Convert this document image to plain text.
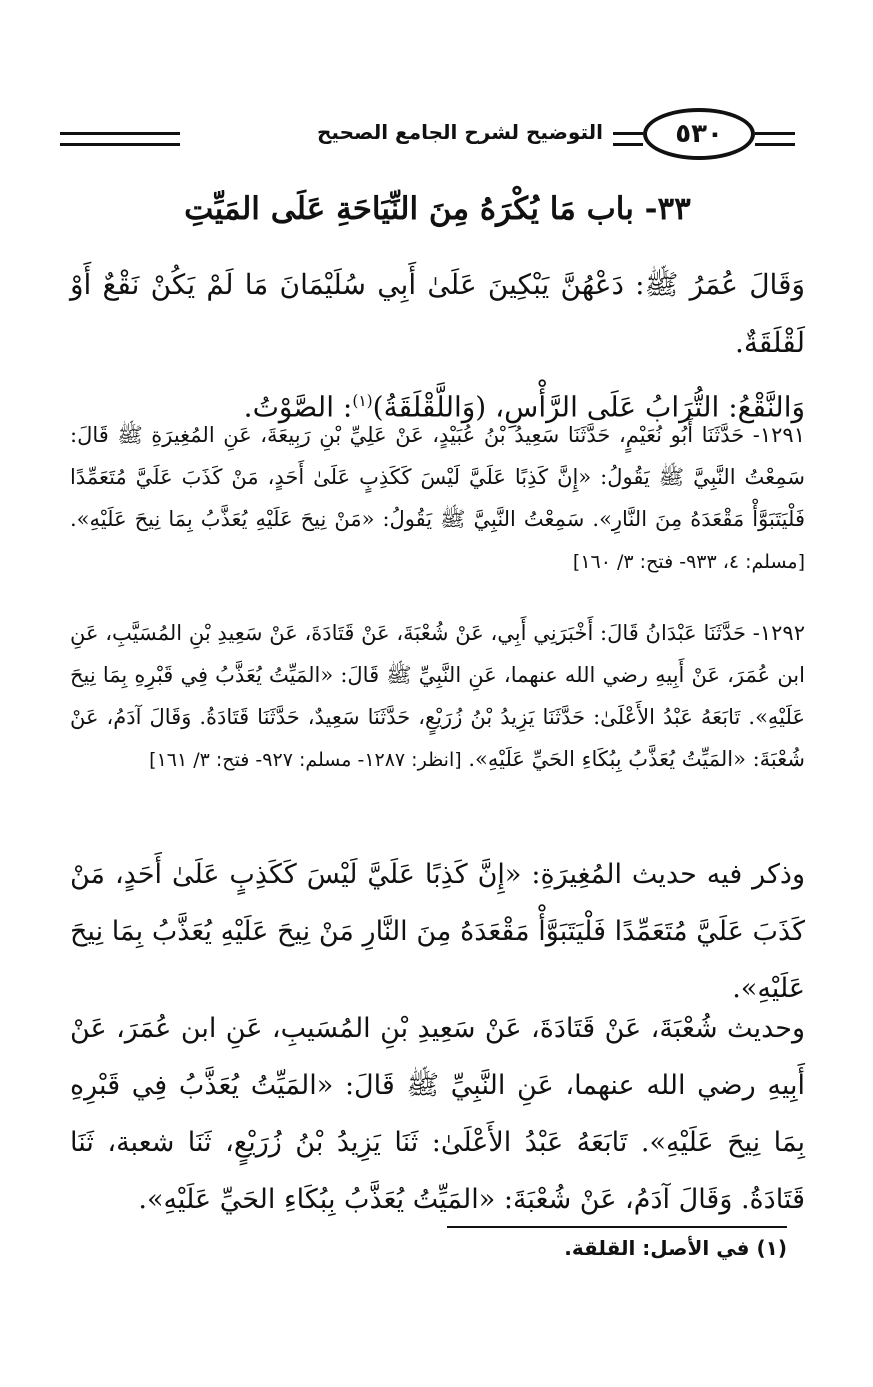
٥٣٠
التوضيح لشرح الجامع الصحيح
٣٣- باب مَا يُكْرَهُ مِنَ النِّيَاحَةِ عَلَى المَيِّتِ

وَقَالَ عُمَرُ ﷺ: دَعْهُنَّ يَبْكِينَ عَلَىٰ أَبِي سُلَيْمَانَ مَا لَمْ يَكُنْ نَقْعٌ أَوْ لَقْلَقَةٌ.

وَالنَّقْعُ: التُّرَابُ عَلَى الرَّأْسِ، (وَاللَّقْلَقَةُ)$^{(١)}$: الصَّوْتُ.

١٢٩١- حَدَّثَنَا أَبُو نُعَيْمٍ، حَدَّثَنَا سَعِيدُ بْنُ عُبَيْدٍ، عَنْ عَلِيِّ بْنِ رَبِيعَةَ، عَنِ المُغِيرَةِ ﷺ قَالَ: سَمِعْتُ النَّبِيَّ ﷺ يَقُولُ: «إِنَّ كَذِبًا عَلَيَّ لَيْسَ كَكَذِبٍ عَلَىٰ أَحَدٍ، مَنْ كَذَبَ عَلَيَّ مُتَعَمِّدًا فَلْيَتَبَوَّأْ مَقْعَدَهُ مِنَ النَّارِ». سَمِعْتُ النَّبِيَّ ﷺ يَقُولُ: «مَنْ نِيحَ عَلَيْهِ يُعَذَّبُ بِمَا نِيحَ عَلَيْهِ». [مسلم: ٤، ٩٣٣- فتح: ٣/ ١٦٠]

١٢٩٢- حَدَّثَنَا عَبْدَانُ قَالَ: أَخْبَرَنِي أَبِي، عَنْ شُعْبَةَ، عَنْ قَتَادَةَ، عَنْ سَعِيدِ بْنِ المُسَيَّبِ، عَنِ ابن عُمَرَ، عَنْ أَبِيهِ رضي الله عنهما، عَنِ النَّبِيِّ ﷺ قَالَ: «المَيِّتُ يُعَذَّبُ فِي قَبْرِهِ بِمَا نِيحَ عَلَيْهِ». تَابَعَهُ عَبْدُ الأَعْلَىٰ: حَدَّثَنَا يَزِيدُ بْنُ زُرَيْعٍ، حَدَّثَنَا سَعِيدٌ، حَدَّثَنَا قَتَادَةُ. وَقَالَ آدَمُ، عَنْ شُعْبَةَ: «المَيِّتُ يُعَذَّبُ بِبُكَاءِ الحَيِّ عَلَيْهِ». [انظر: ١٢٨٧- مسلم: ٩٢٧- فتح: ٣/ ١٦١]

وذكر فيه حديث المُغِيرَةِ: «إِنَّ كَذِبًا عَلَيَّ لَيْسَ كَكَذِبٍ عَلَىٰ أَحَدٍ، مَنْ كَذَبَ عَلَيَّ مُتَعَمِّدًا فَلْيَتَبَوَّأْ مَقْعَدَهُ مِنَ النَّارِ مَنْ نِيحَ عَلَيْهِ يُعَذَّبُ بِمَا نِيحَ عَلَيْهِ».

وحديث شُعْبَةَ، عَنْ قَتَادَةَ، عَنْ سَعِيدِ بْنِ المُسَيبِ، عَنِ ابن عُمَرَ، عَنْ أَبِيهِ رضي الله عنهما، عَنِ النَّبِيِّ ﷺ قَالَ: «المَيِّتُ يُعَذَّبُ فِي قَبْرِهِ بِمَا نِيحَ عَلَيْهِ». تَابَعَهُ عَبْدُ الأَعْلَىٰ: ثَنَا يَزِيدُ بْنُ زُرَيْعٍ، ثَنَا شعبة، ثَنَا قَتَادَةُ. وَقَالَ آدَمُ، عَنْ شُعْبَةَ: «المَيِّتُ يُعَذَّبُ بِبُكَاءِ الحَيِّ عَلَيْهِ».

(١) في الأصل: القلقة.
